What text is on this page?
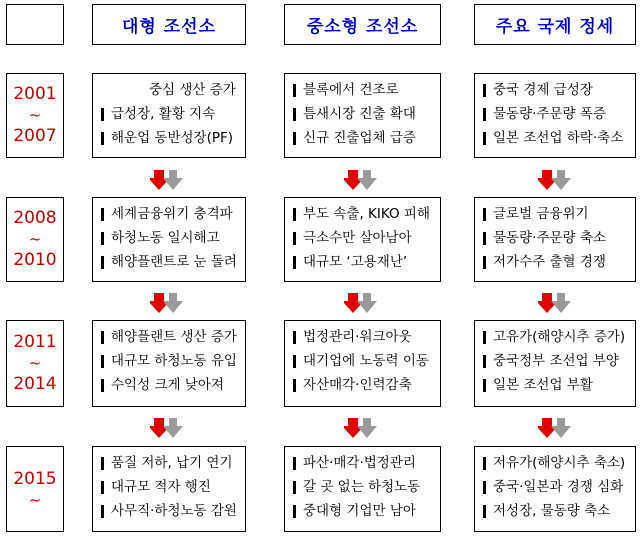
대형 조선소	중소형 조선소	주요 국제 정세
2001
~
2007
중심 생산 증가
급성장, 활황 지속
해운업 동반성장(PF)
블록에서 건조로
틈새시장 진출 확대
신규 진출업체 급증
중국 경제 급성장
물동량·주문량 폭증
일본 조선업 하락·축소
2008
~
2010
세계금융위기 충격파
하청노동 일시해고
해양플랜트로 눈 돌려
부도 속출, KIKO 피해
극소수만 살아남아
대규모 ‘고용재난’
글로벌 금융위기
물동량·주문량 축소
저가수주 출혈 경쟁
2011
~
2014
해양플랜트 생산 증가
대규모 하청노동 유입
수익성 크게 낮아져
법정관리·워크아웃
대기업에 노동력 이동
자산매각·인력감축
고유가(해양시추 증가)
중국정부 조선업 부양
일본 조선업 부활
2015
~
품질 저하, 납기 연기
대규모 적자 행진
사무직·하청노동 감원
파산·매각·법정관리
갈 곳 없는 하청노동
중대형 기업만 남아
저유가(해양시추 축소)
중국·일본과 경쟁 심화
저성장, 물동량 축소
